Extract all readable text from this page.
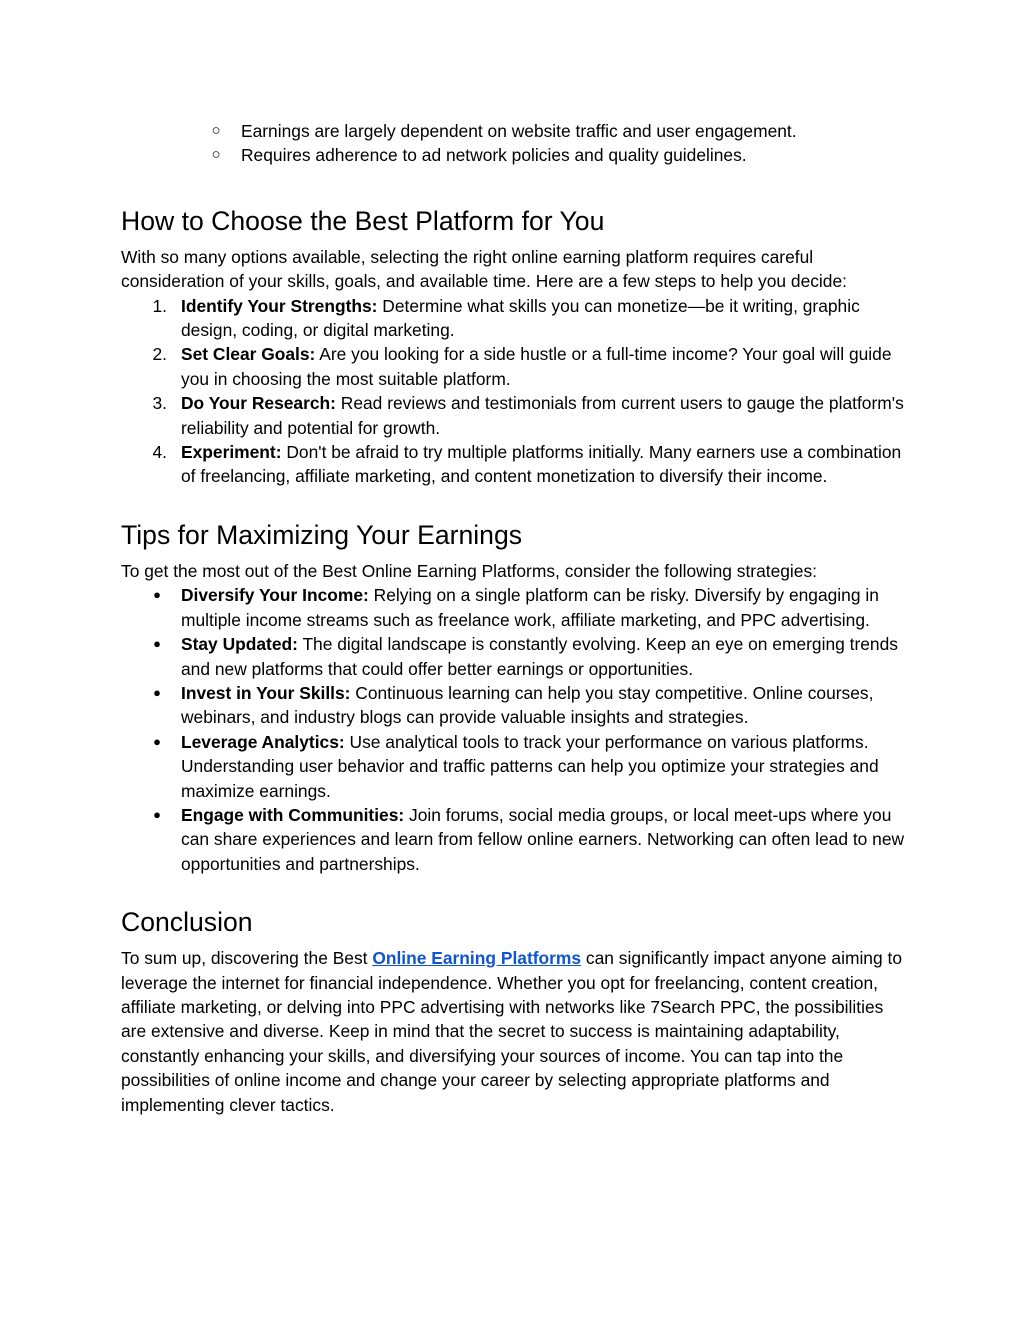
○ Earnings are largely dependent on website traffic and user engagement.
○ Requires adherence to ad network policies and quality guidelines.
How to Choose the Best Platform for You

With so many options available, selecting the right online earning platform requires careful consideration of your skills, goals, and available time. Here are a few steps to help you decide:

1. Identify Your Strengths: Determine what skills you can monetize—be it writing, graphic design, coding, or digital marketing.
2. Set Clear Goals: Are you looking for a side hustle or a full-time income? Your goal will guide you in choosing the most suitable platform.
3. Do Your Research: Read reviews and testimonials from current users to gauge the platform's reliability and potential for growth.
4. Experiment: Don't be afraid to try multiple platforms initially. Many earners use a combination of freelancing, affiliate marketing, and content monetization to diversify their income.
Tips for Maximizing Your Earnings

To get the most out of the Best Online Earning Platforms, consider the following strategies:

●	Diversify Your Income: Relying on a single platform can be risky. Diversify by engaging in multiple income streams such as freelance work, affiliate marketing, and PPC advertising.
●	Stay Updated: The digital landscape is constantly evolving. Keep an eye on emerging trends and new platforms that could offer better earnings or opportunities.
●	Invest in Your Skills: Continuous learning can help you stay competitive. Online courses, webinars, and industry blogs can provide valuable insights and strategies.
●	Leverage Analytics: Use analytical tools to track your performance on various platforms. Understanding user behavior and traffic patterns can help you optimize your strategies and maximize earnings.
●	Engage with Communities: Join forums, social media groups, or local meet-ups where you can share experiences and learn from fellow online earners. Networking can often lead to new opportunities and partnerships.
Conclusion

To sum up, discovering the Best Online Earning Platforms can significantly impact anyone aiming to leverage the internet for financial independence. Whether you opt for freelancing, content creation, affiliate marketing, or delving into PPC advertising with networks like 7Search PPC, the possibilities are extensive and diverse. Keep in mind that the secret to success is maintaining adaptability, constantly enhancing your skills, and diversifying your sources of income. You can tap into the possibilities of online income and change your career by selecting appropriate platforms and implementing clever tactics.
